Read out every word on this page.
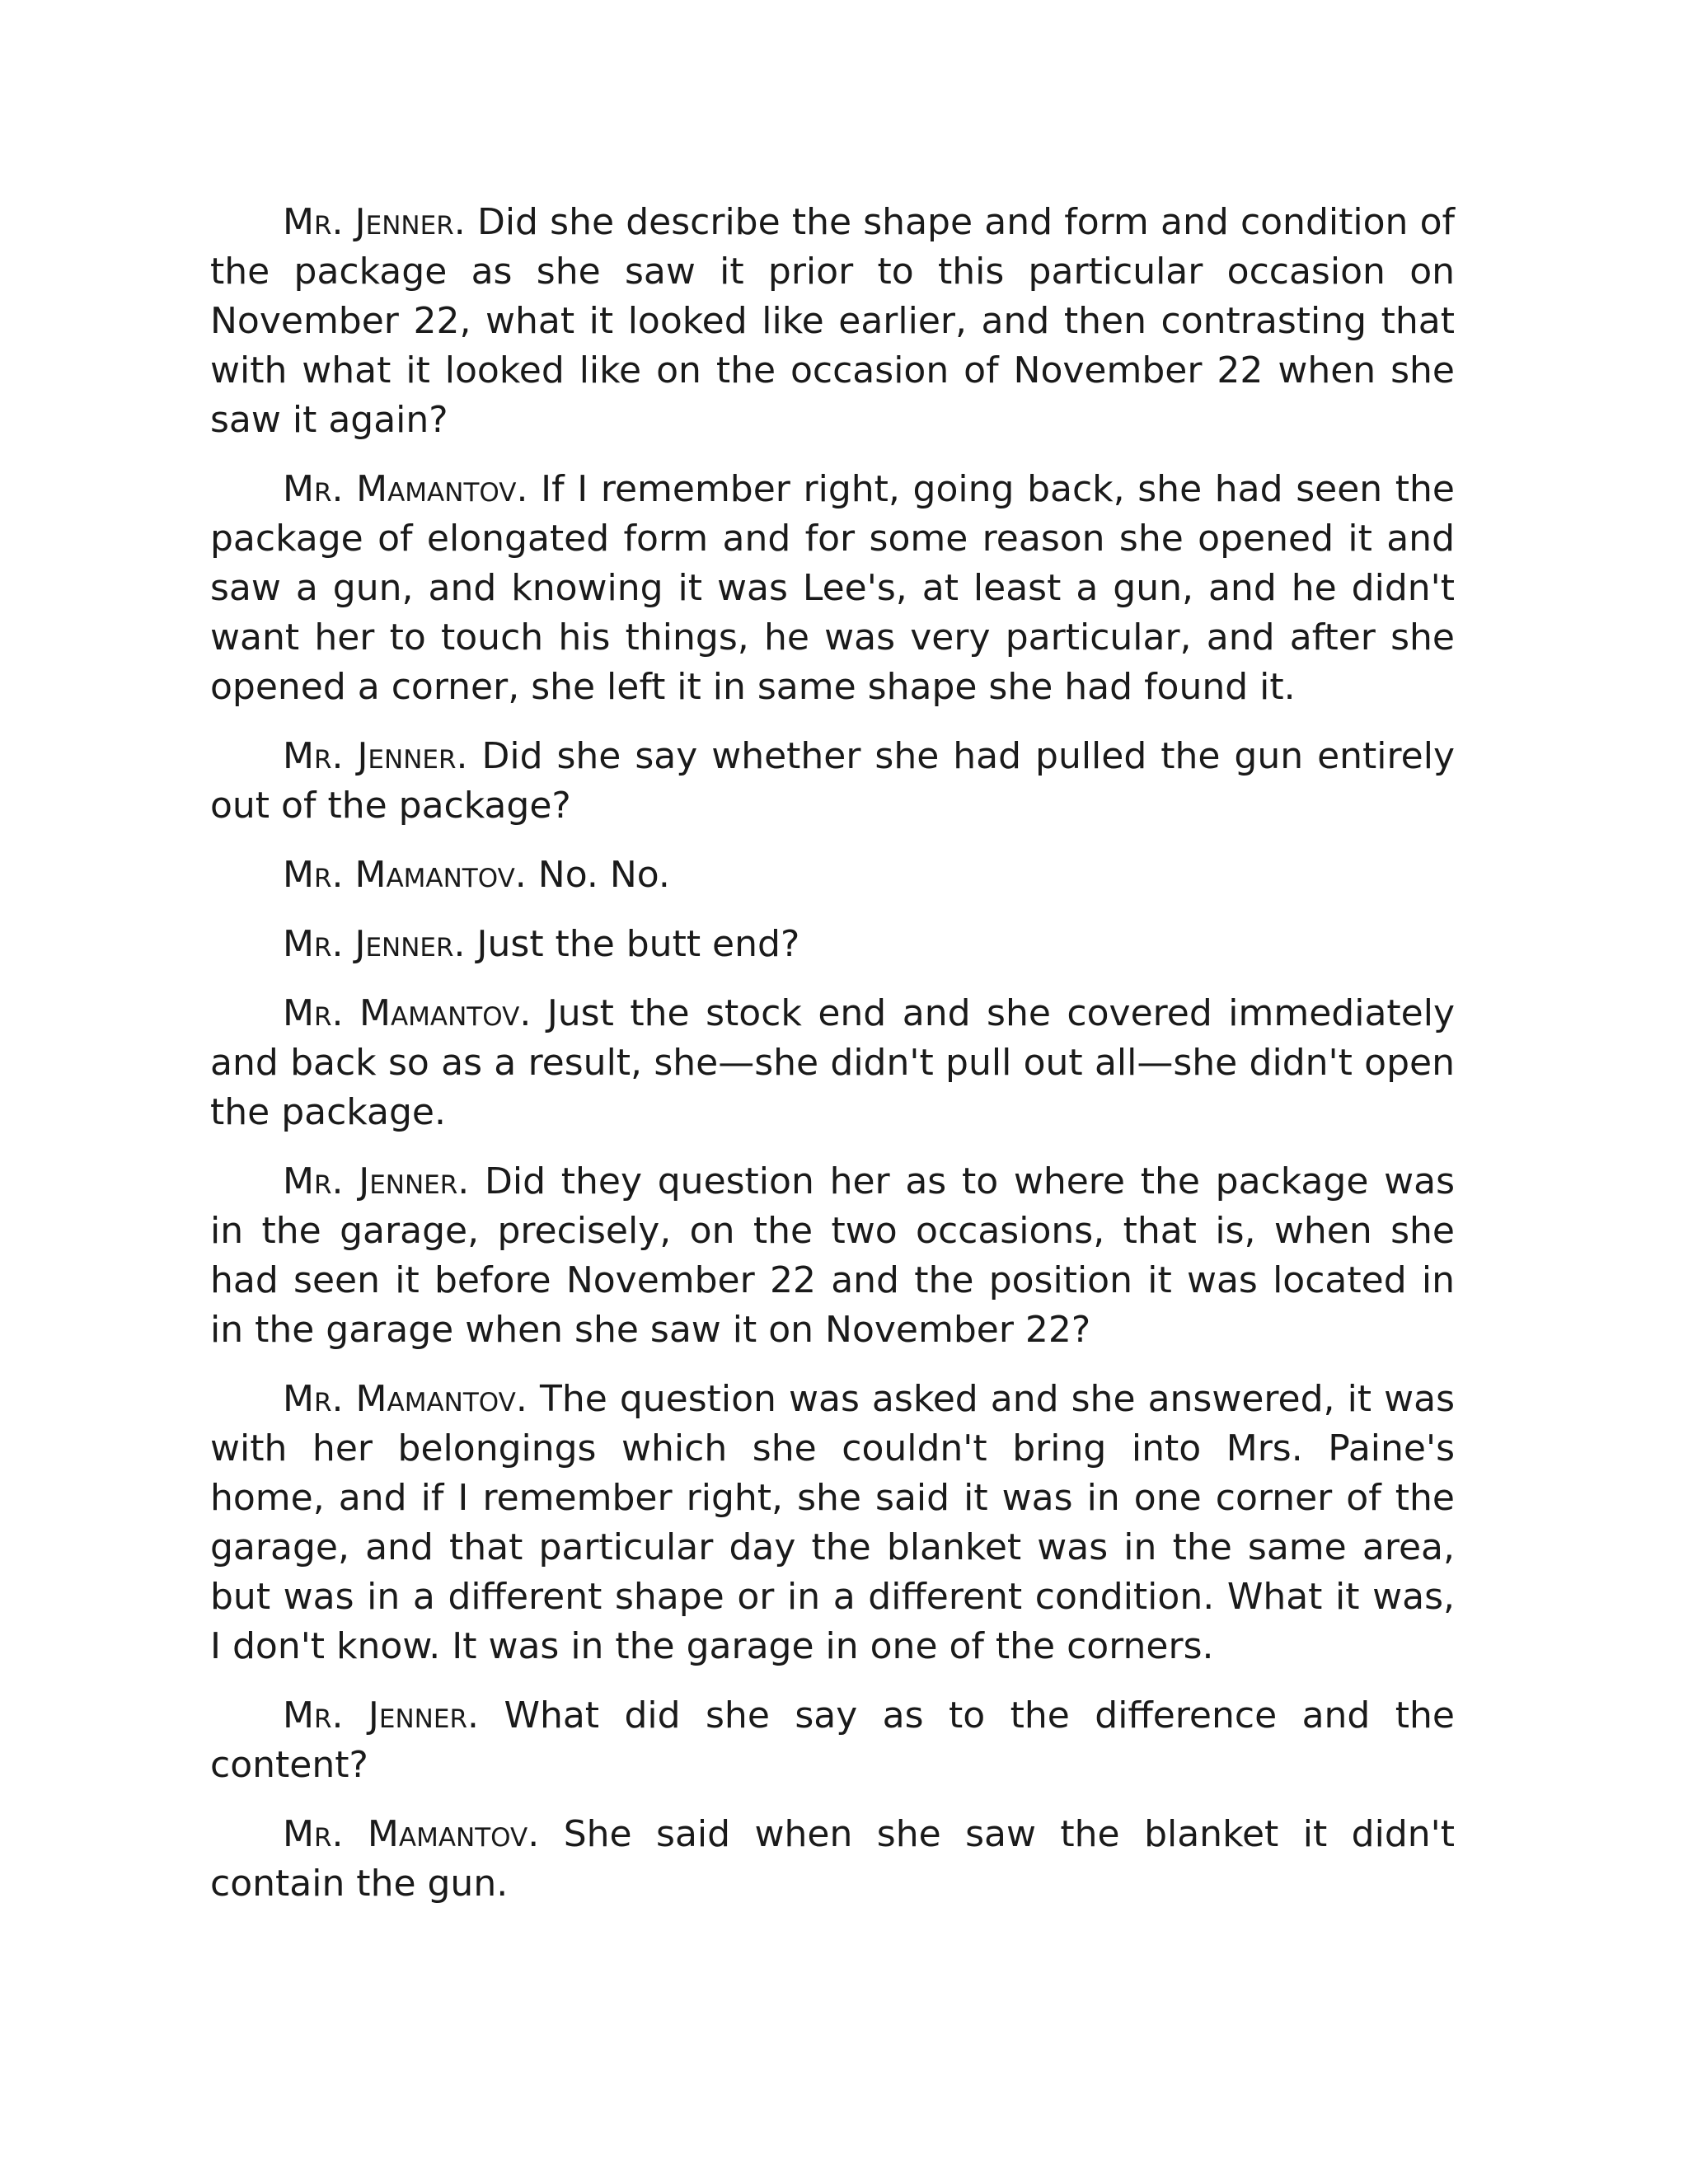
Mr. Jenner. Did she describe the shape and form and condition of the package as she saw it prior to this particular occasion on November 22, what it looked like earlier, and then contrasting that with what it looked like on the occasion of November 22 when she saw it again?

Mr. Mamantov. If I remember right, going back, she had seen the package of elongated form and for some reason she opened it and saw a gun, and knowing it was Lee's, at least a gun, and he didn't want her to touch his things, he was very particular, and after she opened a corner, she left it in same shape she had found it.

Mr. Jenner. Did she say whether she had pulled the gun entirely out of the package?

Mr. Mamantov. No. No.

Mr. Jenner. Just the butt end?

Mr. Mamantov. Just the stock end and she covered immediately and back so as a result, she—she didn't pull out all—she didn't open the package.

Mr. Jenner. Did they question her as to where the package was in the garage, precisely, on the two occasions, that is, when she had seen it before November 22 and the position it was located in in the garage when she saw it on November 22?

Mr. Mamantov. The question was asked and she answered, it was with her belongings which she couldn't bring into Mrs. Paine's home, and if I remember right, she said it was in one corner of the garage, and that particular day the blanket was in the same area, but was in a different shape or in a different condition. What it was, I don't know. It was in the garage in one of the corners.

Mr. Jenner. What did she say as to the difference and the content?

Mr. Mamantov. She said when she saw the blanket it didn't contain the gun.
